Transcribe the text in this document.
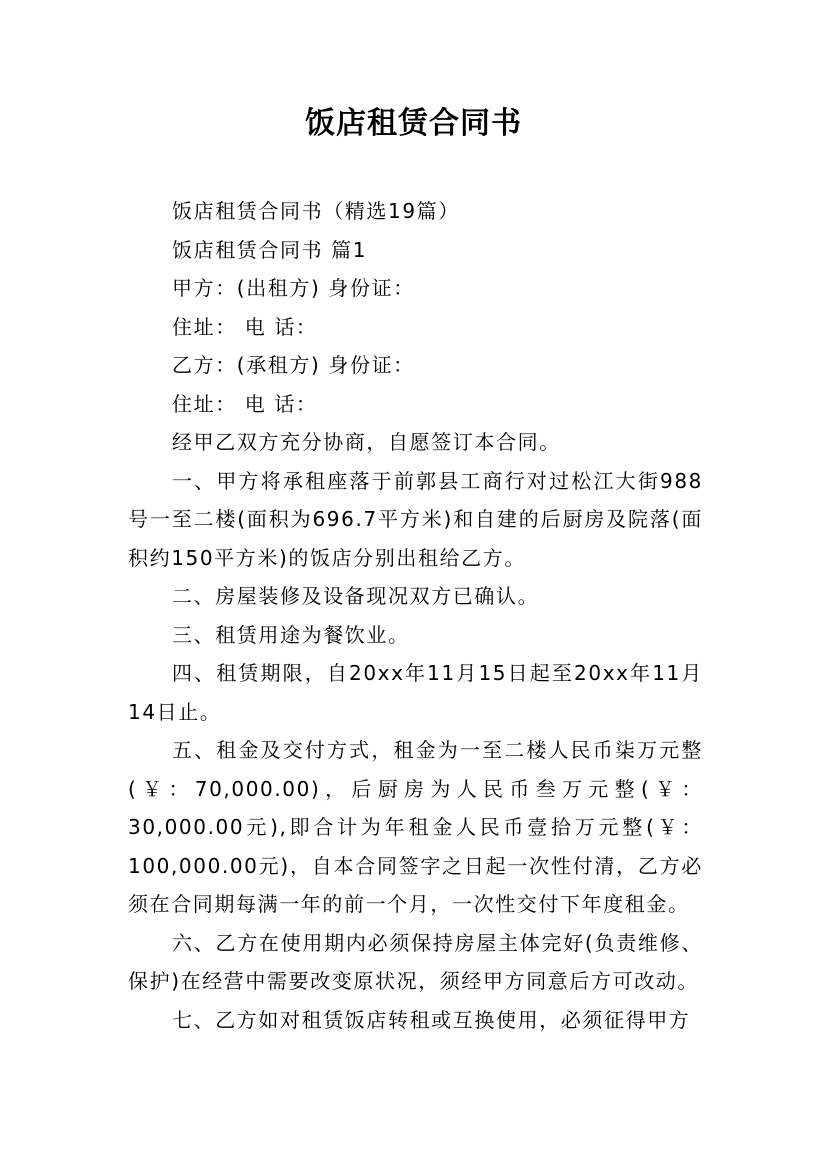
饭店租赁合同书

饭店租赁合同书（精选19篇）

饭店租赁合同书 篇1

甲方：(出租方) 身份证：

住址： 电 话：

乙方：(承租方) 身份证：

住址： 电 话：

经甲乙双方充分协商，自愿签订本合同。

一、甲方将承租座落于前郭县工商行对过松江大街988号一至二楼(面积为696.7平方米)和自建的后厨房及院落(面积约150平方米)的饭店分别出租给乙方。

二、房屋装修及设备现况双方已确认。

三、租赁用途为餐饮业。

四、租赁期限，自20xx年11月15日起至20xx年11月14日止。

五、租金及交付方式，租金为一至二楼人民币柒万元整(￥：70,000.00)，后厨房为人民币叁万元整(￥：30,000.00元),即合计为年租金人民币壹拾万元整(￥：100,000.00元)，自本合同签字之日起一次性付清，乙方必须在合同期每满一年的前一个月，一次性交付下年度租金。

六、乙方在使用期内必须保持房屋主体完好(负责维修、保护)在经营中需要改变原状况，须经甲方同意后方可改动。

七、乙方如对租赁饭店转租或互换使用，必须征得甲方
